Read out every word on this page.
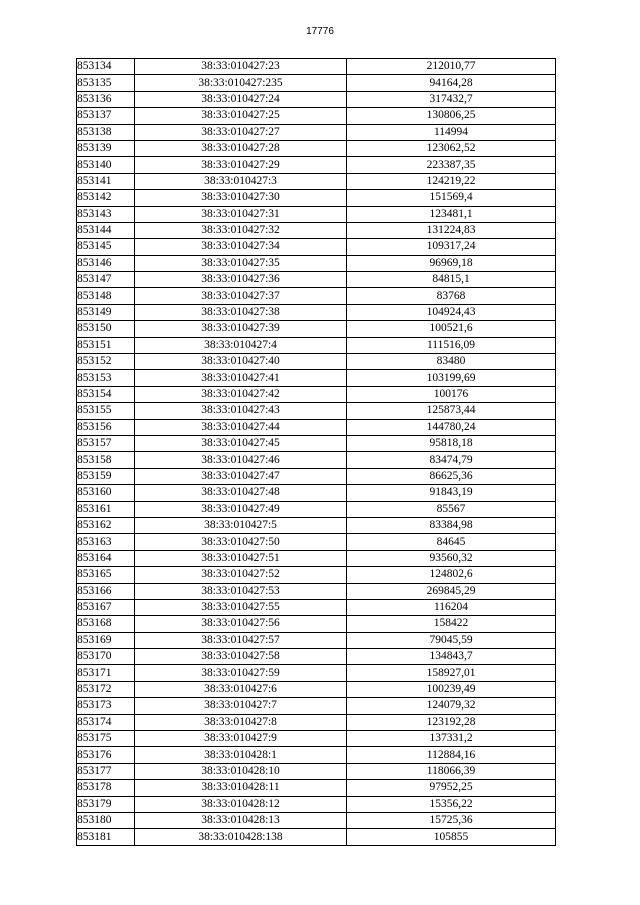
17776
853134	38:33:010427:23	212010,77
853135	38:33:010427:235	94164,28
853136	38:33:010427:24	317432,7
853137	38:33:010427:25	130806,25
853138	38:33:010427:27	114994
853139	38:33:010427:28	123062,52
853140	38:33:010427:29	223387,35
853141	38:33:010427:3	124219,22
853142	38:33:010427:30	151569,4
853143	38:33:010427:31	123481,1
853144	38:33:010427:32	131224,83
853145	38:33:010427:34	109317,24
853146	38:33:010427:35	96969,18
853147	38:33:010427:36	84815,1
853148	38:33:010427:37	83768
853149	38:33:010427:38	104924,43
853150	38:33:010427:39	100521,6
853151	38:33:010427:4	111516,09
853152	38:33:010427:40	83480
853153	38:33:010427:41	103199,69
853154	38:33:010427:42	100176
853155	38:33:010427:43	125873,44
853156	38:33:010427:44	144780,24
853157	38:33:010427:45	95818,18
853158	38:33:010427:46	83474,79
853159	38:33:010427:47	86625,36
853160	38:33:010427:48	91843,19
853161	38:33:010427:49	85567
853162	38:33:010427:5	83384,98
853163	38:33:010427:50	84645
853164	38:33:010427:51	93560,32
853165	38:33:010427:52	124802,6
853166	38:33:010427:53	269845,29
853167	38:33:010427:55	116204
853168	38:33:010427:56	158422
853169	38:33:010427:57	79045,59
853170	38:33:010427:58	134843,7
853171	38:33:010427:59	158927,01
853172	38:33:010427:6	100239,49
853173	38:33:010427:7	124079,32
853174	38:33:010427:8	123192,28
853175	38:33:010427:9	137331,2
853176	38:33:010428:1	112884,16
853177	38:33:010428:10	118066,39
853178	38:33:010428:11	97952,25
853179	38:33:010428:12	15356,22
853180	38:33:010428:13	15725,36
853181	38:33:010428:138	105855
